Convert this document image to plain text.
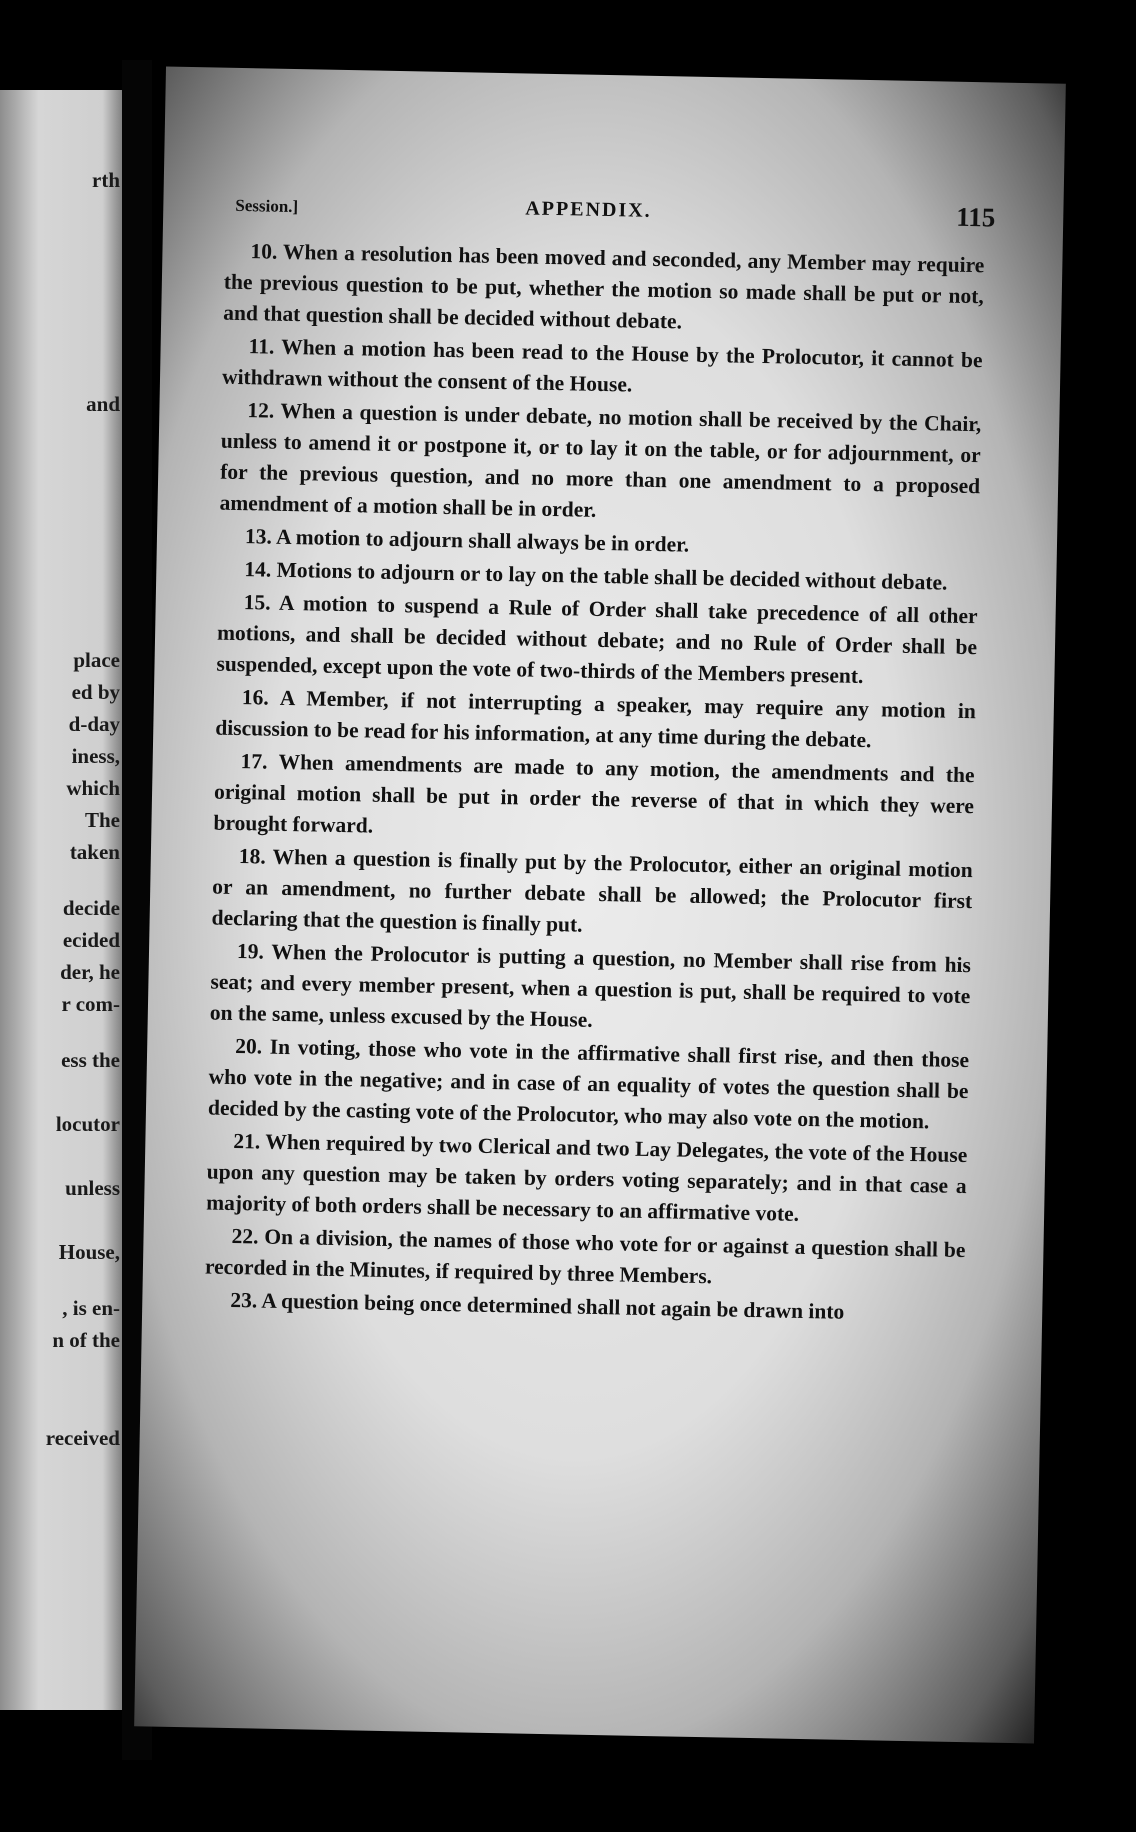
rth
and
place
ed by
d-day
iness,
which
The
taken
decide
ecided
der, he
r com-
ess the
locutor
unless
House,
, is en-
n of the
received
Session.]	APPENDIX.	115

10. When a resolution has been moved and seconded, any Member may require the previous question to be put, whether the motion so made shall be put or not, and that question shall be decided without debate.

11. When a motion has been read to the House by the Prolocutor, it cannot be withdrawn without the consent of the House.

12. When a question is under debate, no motion shall be received by the Chair, unless to amend it or postpone it, or to lay it on the table, or for adjournment, or for the previous question, and no more than one amendment to a proposed amendment of a motion shall be in order.

13. A motion to adjourn shall always be in order.

14. Motions to adjourn or to lay on the table shall be decided without debate.

15. A motion to suspend a Rule of Order shall take precedence of all other motions, and shall be decided without debate; and no Rule of Order shall be suspended, except upon the vote of two-thirds of the Members present.

16. A Member, if not interrupting a speaker, may require any motion in discussion to be read for his information, at any time during the debate.

17. When amendments are made to any motion, the amendments and the original motion shall be put in order the reverse of that in which they were brought forward.

18. When a question is finally put by the Prolocutor, either an original motion or an amendment, no further debate shall be allowed; the Prolocutor first declaring that the question is finally put.

19. When the Prolocutor is putting a question, no Member shall rise from his seat; and every member present, when a question is put, shall be required to vote on the same, unless excused by the House.

20. In voting, those who vote in the affirmative shall first rise, and then those who vote in the negative; and in case of an equality of votes the question shall be decided by the casting vote of the Prolocutor, who may also vote on the motion.

21. When required by two Clerical and two Lay Delegates, the vote of the House upon any question may be taken by orders voting separately; and in that case a majority of both orders shall be necessary to an affirmative vote.

22. On a division, the names of those who vote for or against a question shall be recorded in the Minutes, if required by three Members.

23. A question being once determined shall not again be drawn into
